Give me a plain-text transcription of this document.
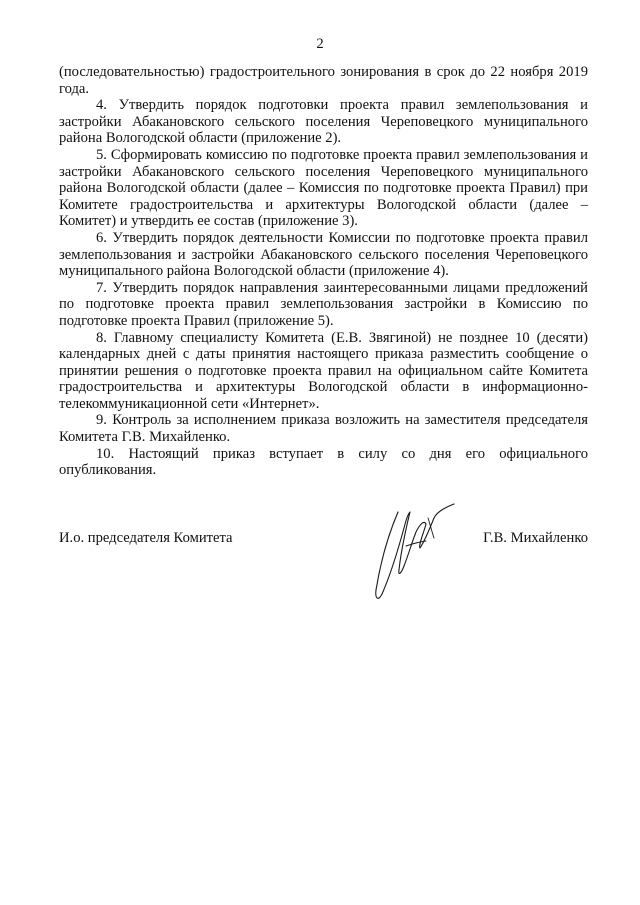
2

(последовательностью) градостроительного зонирования в срок до 22 ноября 2019 года.

4. Утвердить порядок подготовки проекта правил землепользования и застройки Абакановского сельского поселения Череповецкого муниципального района Вологодской области (приложение 2).

5. Сформировать комиссию по подготовке проекта правил землепользования и застройки Абакановского сельского поселения Череповецкого муниципального района Вологодской области (далее – Комиссия по подготовке проекта Правил) при Комитете градостроительства и архитектуры Вологодской области (далее – Комитет) и утвердить ее состав (приложение 3).

6. Утвердить порядок деятельности Комиссии по подготовке проекта правил землепользования и застройки Абакановского сельского поселения Череповецкого муниципального района Вологодской области (приложение 4).

7. Утвердить порядок направления заинтересованными лицами предложений по подготовке проекта правил землепользования застройки в Комиссию по подготовке проекта Правил (приложение 5).

8. Главному специалисту Комитета (Е.В. Звягиной) не позднее 10 (десяти) календарных дней с даты принятия настоящего приказа разместить сообщение о принятии решения о подготовке проекта правил на официальном сайте Комитета градостроительства и архитектуры Вологодской области в информационно-телекоммуникационной сети «Интернет».

9. Контроль за исполнением приказа возложить на заместителя председателя Комитета Г.В. Михайленко.

10. Настоящий приказ вступает в силу со дня его официального опубликования.

И.о. председателя Комитета	Г.В. Михайленко
